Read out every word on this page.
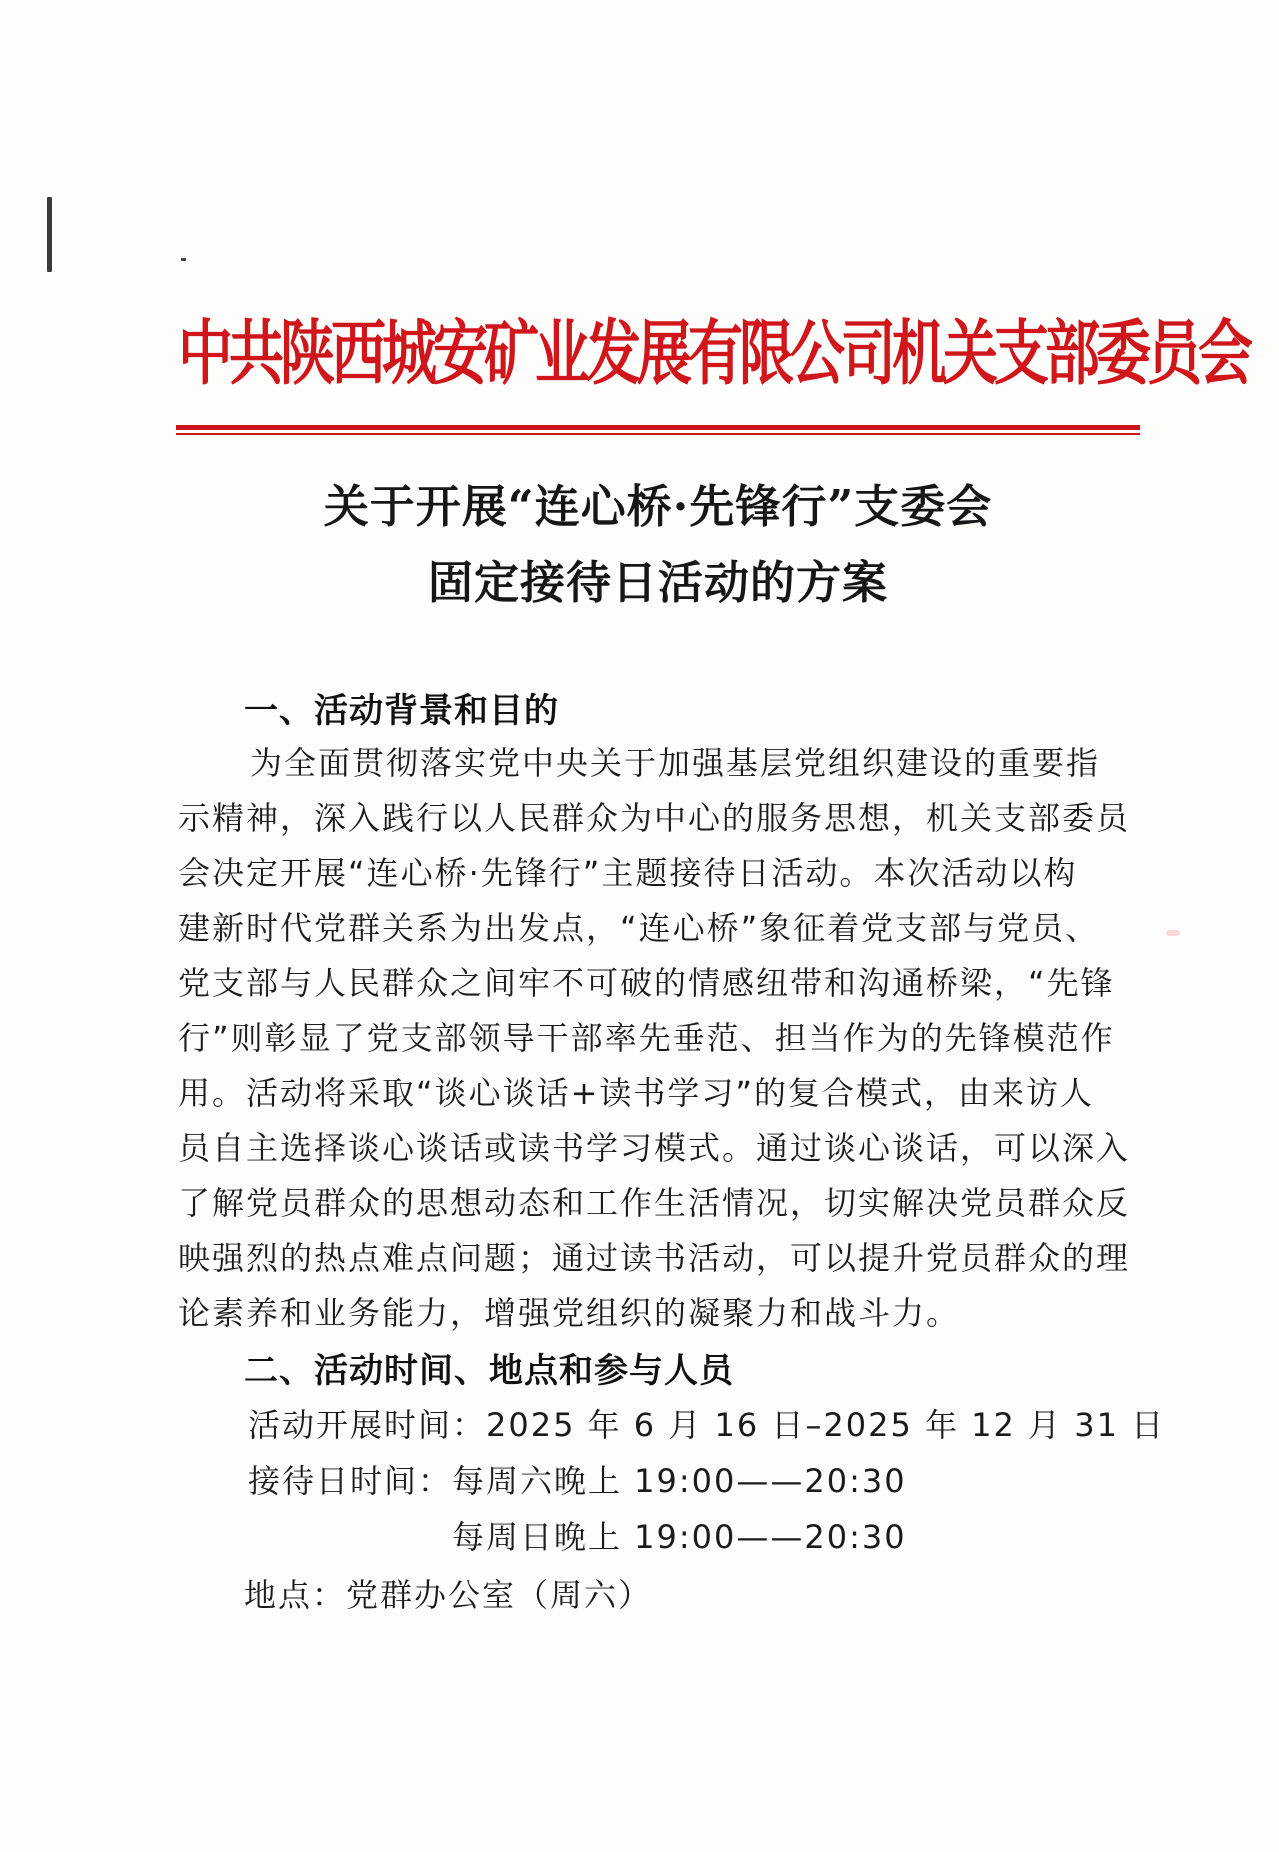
中共陕西城安矿业发展有限公司机关支部委员会
关于开展“连心桥·先锋行”支委会
固定接待日活动的方案
一、活动背景和目的
为全面贯彻落实党中央关于加强基层党组织建设的重要指
示精神，深入践行以人民群众为中心的服务思想，机关支部委员
会决定开展“连心桥·先锋行”主题接待日活动。本次活动以构
建新时代党群关系为出发点，“连心桥”象征着党支部与党员、
党支部与人民群众之间牢不可破的情感纽带和沟通桥梁，“先锋
行”则彰显了党支部领导干部率先垂范、担当作为的先锋模范作
用。活动将采取“谈心谈话+读书学习”的复合模式，由来访人
员自主选择谈心谈话或读书学习模式。通过谈心谈话，可以深入
了解党员群众的思想动态和工作生活情况，切实解决党员群众反
映强烈的热点难点问题；通过读书活动，可以提升党员群众的理
论素养和业务能力，增强党组织的凝聚力和战斗力。
二、活动时间、地点和参与人员
活动开展时间：2025 年 6 月 16 日–2025 年 12 月 31 日
接待日时间： 每周六晚上 19:00——20:30
每周日晚上 19:00——20:30
地点：党群办公室（周六）
